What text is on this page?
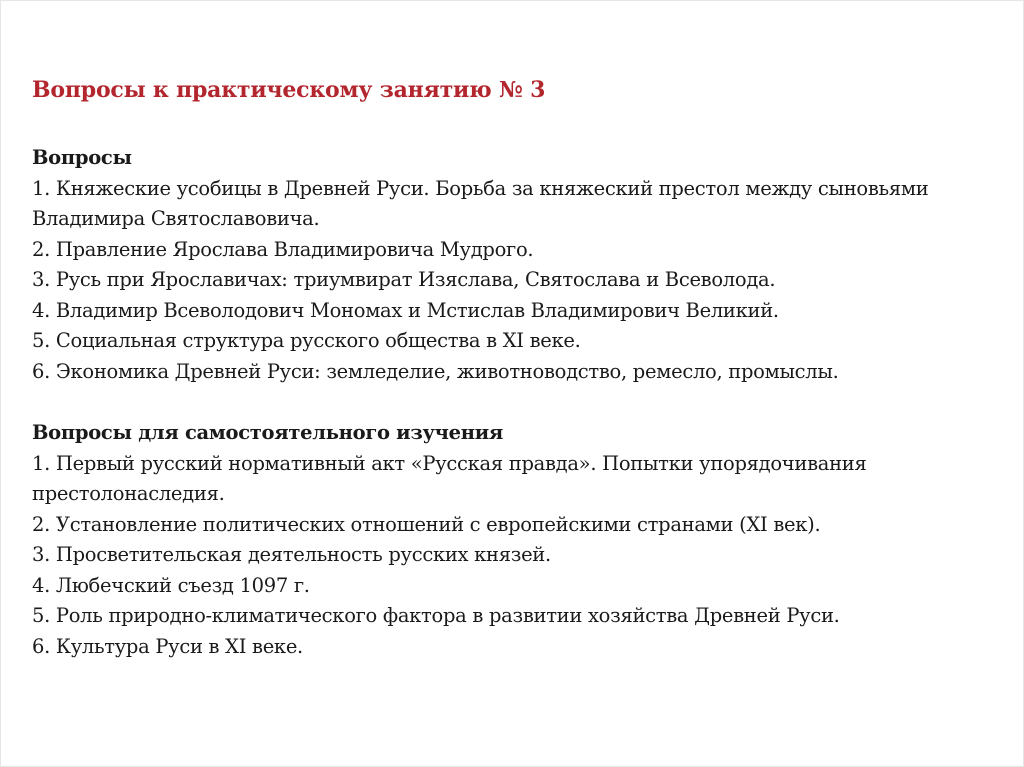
Вопросы к практическому занятию № 3

Вопросы

1. Княжеские усобицы в Древней Руси. Борьба за княжеский престол между сыновьями Владимира Святославовича.

2. Правление Ярослава Владимировича Мудрого.

3. Русь при Ярославичах: триумвират Изяслава, Святослава и Всеволода.

4. Владимир Всеволодович Мономах и Мстислав Владимирович Великий.

5. Социальная структура русского общества в XI веке.

6. Экономика Древней Руси: земледелие, животноводство, ремесло, промыслы.

Вопросы для самостоятельного изучения

1. Первый русский нормативный акт «Русская правда». Попытки упорядочивания престолонаследия.

2. Установление политических отношений с европейскими странами (XI век).

3. Просветительская деятельность русских князей.

4. Любечский съезд 1097 г.

5. Роль природно-климатического фактора в развитии хозяйства Древней Руси.

6. Культура Руси в XI веке.
